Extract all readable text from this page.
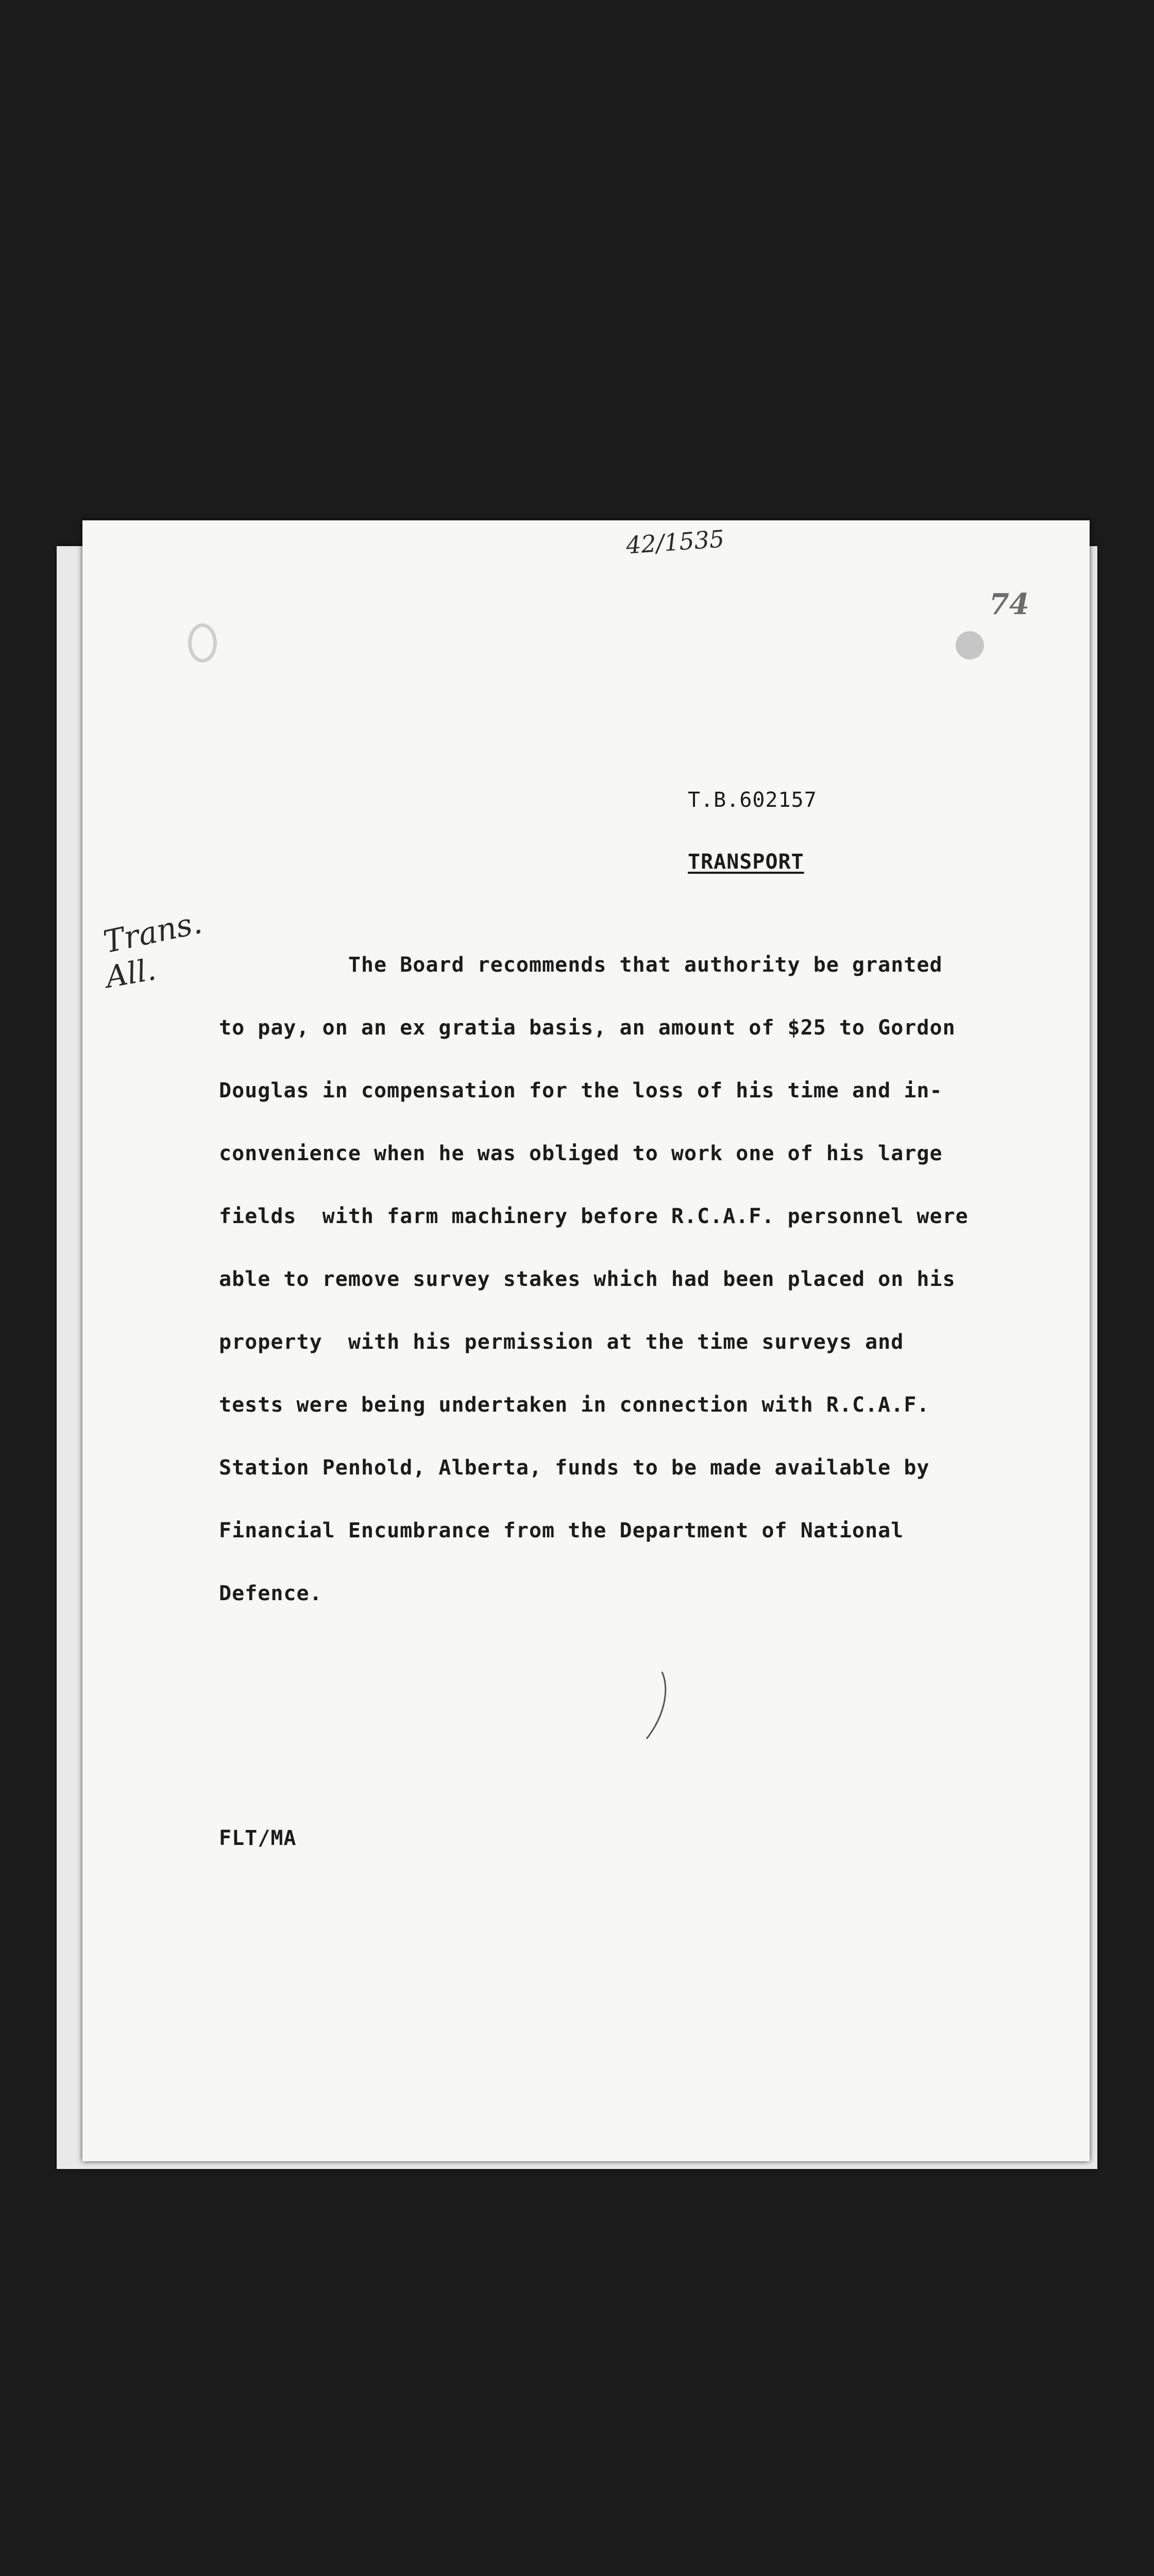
42/1535
74
T.B.602157
TRANSPORT
Trans.
All.	The Board recommends that authority be granted
to pay, on an ex gratia basis, an amount of $25 to Gordon
Douglas in compensation for the loss of his time and in-
convenience when he was obliged to work one of his large
fields  with farm machinery before R.C.A.F. personnel were
able to remove survey stakes which had been placed on his
property  with his permission at the time surveys and
tests were being undertaken in connection with R.C.A.F.
Station Penhold, Alberta, funds to be made available by
Financial Encumbrance from the Department of National
Defence.
FLT/MA
